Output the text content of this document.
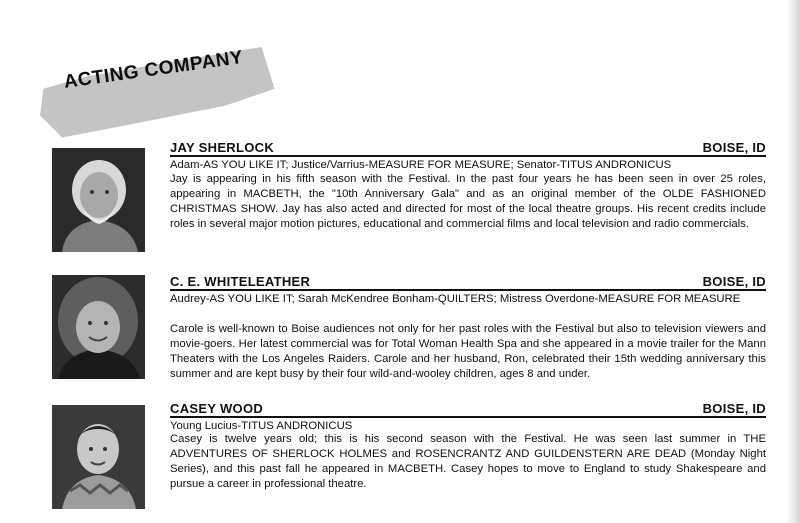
ACTING COMPANY
JAY SHERLOCK	BOISE, ID
Adam-AS YOU LIKE IT; Justice/Varrius-MEASURE FOR MEASURE; Senator-TITUS ANDRONICUS
Jay is appearing in his fifth season with the Festival. In the past four years he has been seen in over 25 roles, appearing in MACBETH, the "10th Anniversary Gala" and as an original member of the OLDE FASHIONED CHRISTMAS SHOW. Jay has also acted and directed for most of the local theatre groups. His recent credits include roles in several major motion pictures, educational and commercial films and local television and radio commercials.
C. E. WHITELEATHER	BOISE, ID
Audrey-AS YOU LIKE IT; Sarah McKendree Bonham-QUILTERS; Mistress Overdone-MEASURE FOR MEASURE
Carole is well-known to Boise audiences not only for her past roles with the Festival but also to television viewers and movie-goers. Her latest commercial was for Total Woman Health Spa and she appeared in a movie trailer for the Mann Theaters with the Los Angeles Raiders. Carole and her husband, Ron, celebrated their 15th wedding anniversary this summer and are kept busy by their four wild-and-wooley children, ages 8 and under.
CASEY WOOD	BOISE, ID
Young Lucius-TITUS ANDRONICUS
Casey is twelve years old; this is his second season with the Festival. He was seen last summer in THE ADVENTURES OF SHERLOCK HOLMES and ROSENCRANTZ AND GUILDENSTERN ARE DEAD (Monday Night Series), and this past fall he appeared in MACBETH. Casey hopes to move to England to study Shakespeare and pursue a career in professional theatre.
